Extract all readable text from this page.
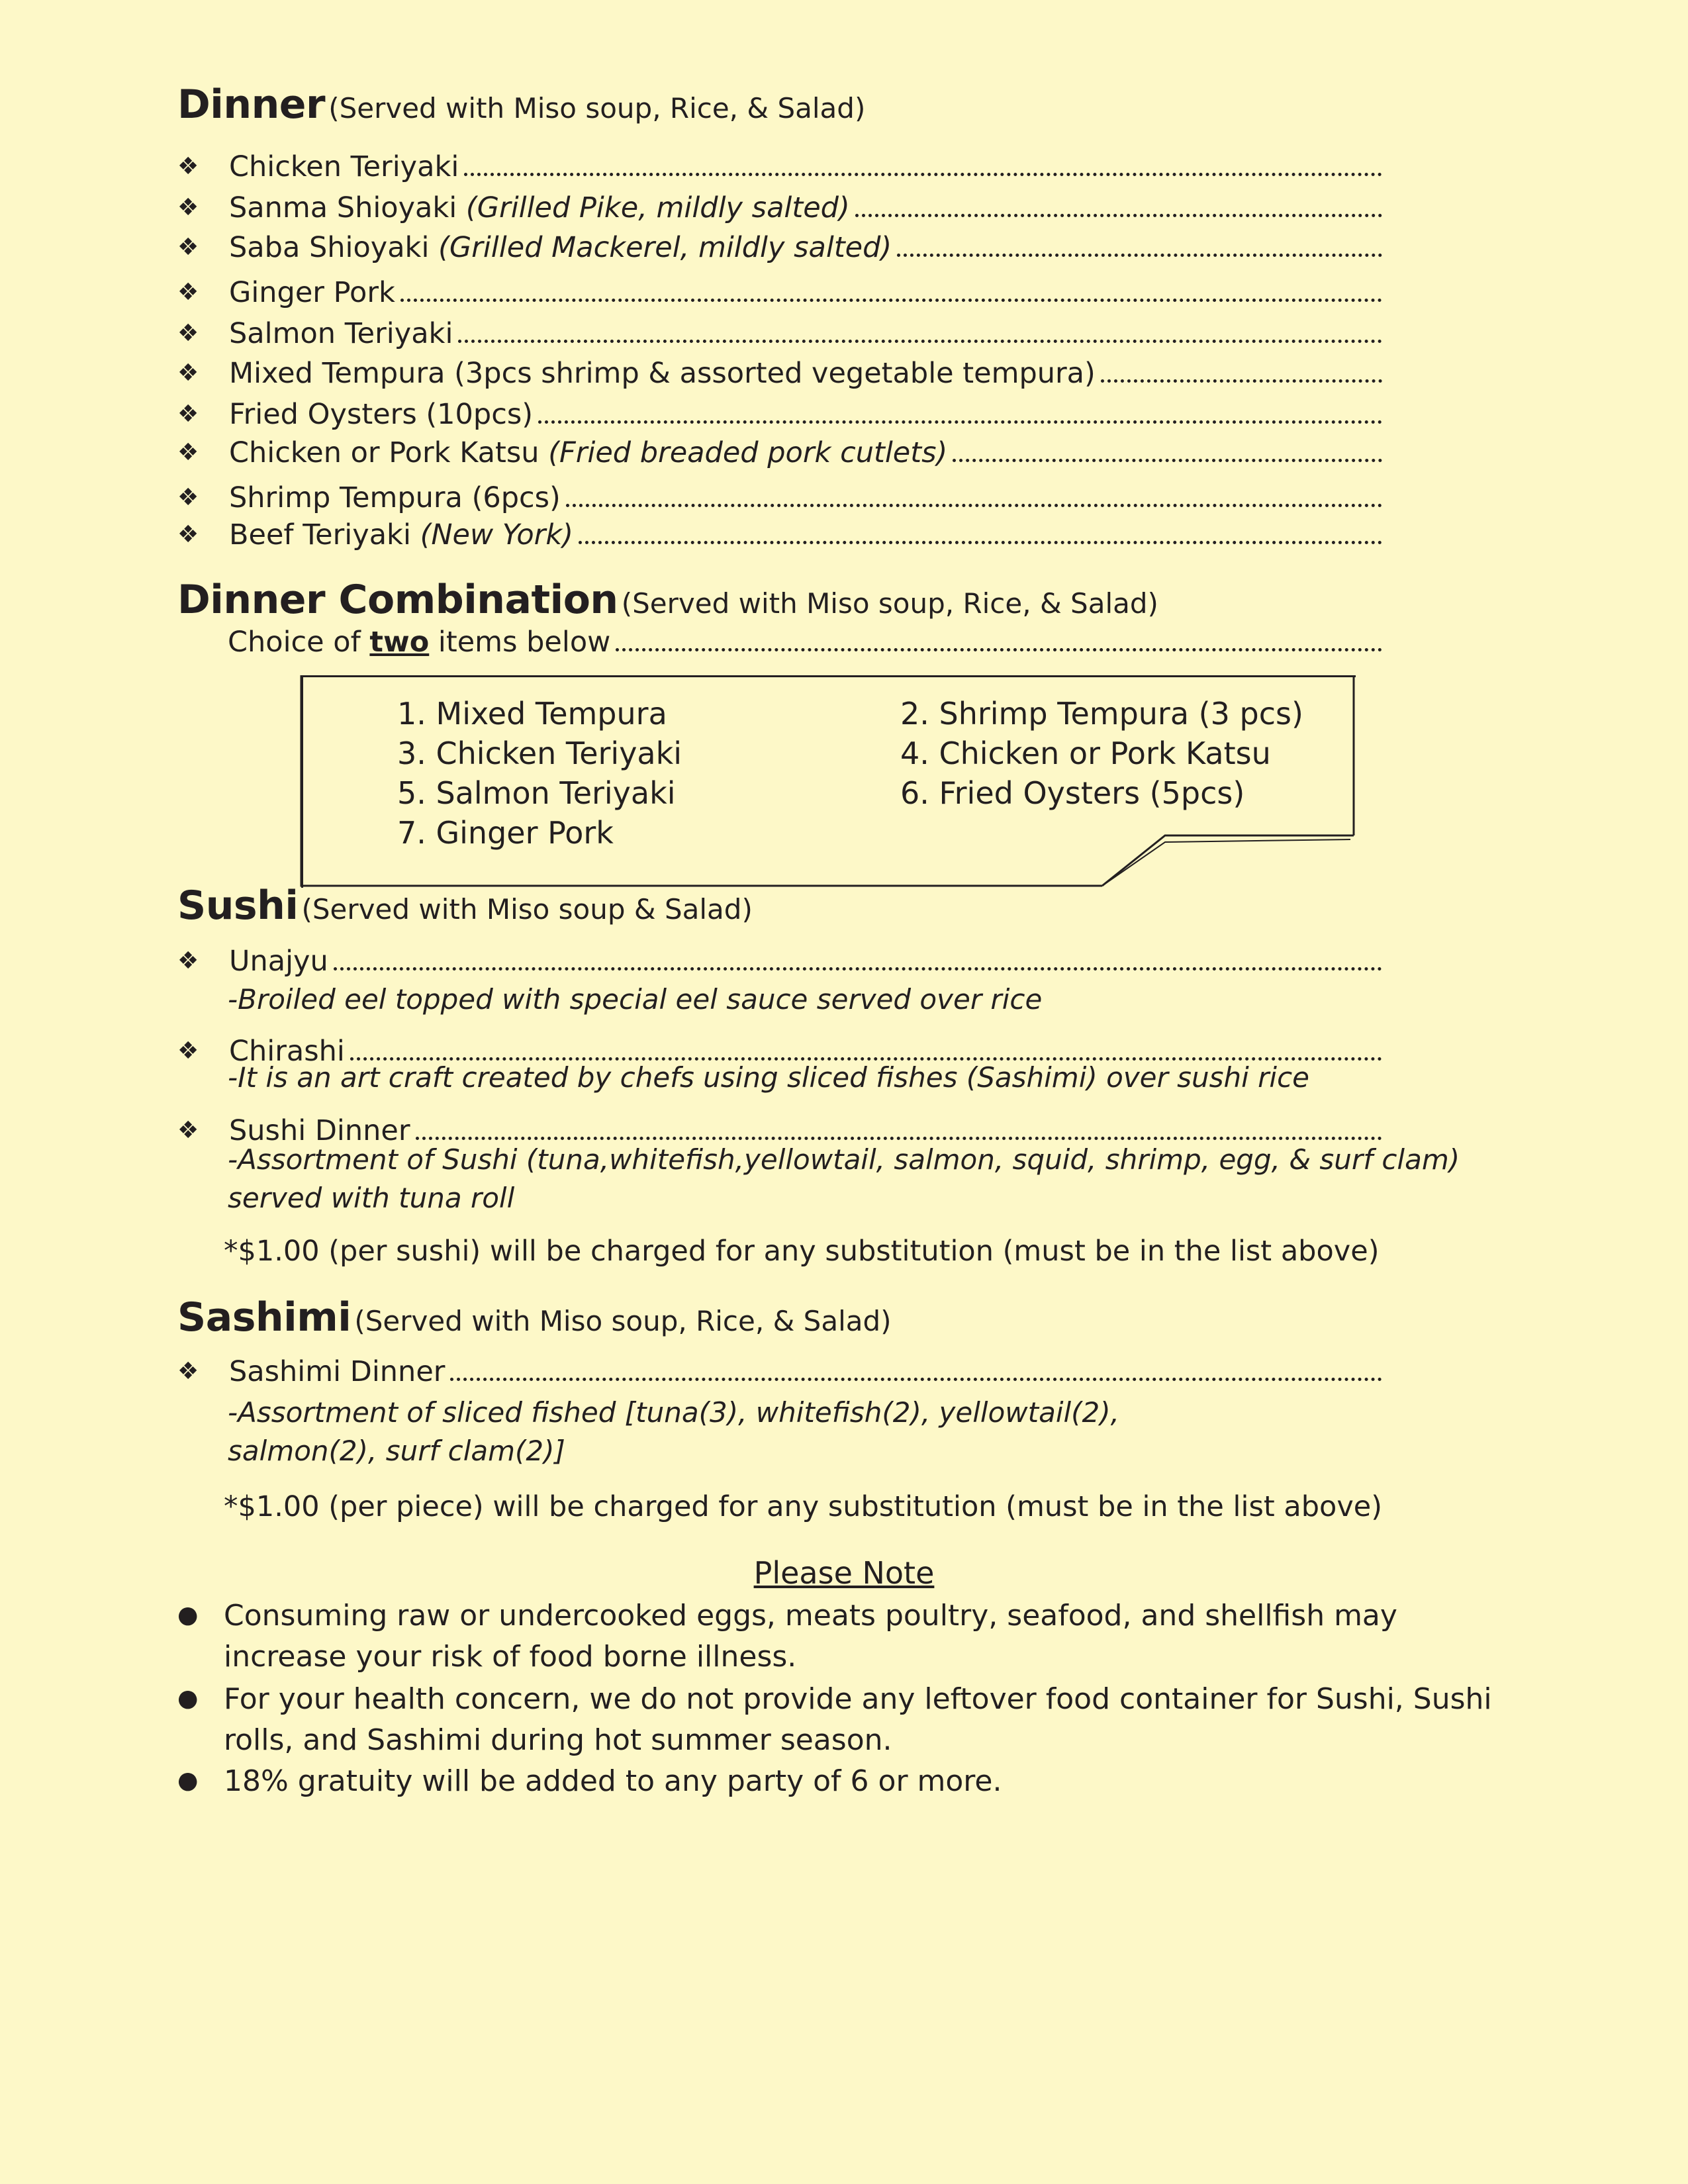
Dinner (Served with Miso soup, Rice, & Salad)
❖	Chicken Teriyaki
❖	Sanma Shioyaki (Grilled Pike, mildly salted)
❖	Saba Shioyaki (Grilled Mackerel, mildly salted)
❖	Ginger Pork
❖	Salmon Teriyaki
❖	Mixed Tempura (3pcs shrimp & assorted vegetable tempura)
❖	Fried Oysters (10pcs)
❖	Chicken or Pork Katsu (Fried breaded pork cutlets)
❖	Shrimp Tempura (6pcs)
❖	Beef Teriyaki (New York)
Dinner Combination (Served with Miso soup, Rice, & Salad)
Choice of two items below
1. Mixed Tempura	2. Shrimp Tempura (3 pcs)
3. Chicken Teriyaki	4. Chicken or Pork Katsu
5. Salmon Teriyaki	6. Fried Oysters (5pcs)
7. Ginger Pork
Sushi (Served with Miso soup & Salad)
❖	Unajyu
-Broiled eel topped with special eel sauce served over rice
❖	Chirashi
-It is an art craft created by chefs using sliced fishes (Sashimi) over sushi rice
❖	Sushi Dinner
-Assortment of Sushi (tuna,whitefish,yellowtail, salmon, squid, shrimp, egg, & surf clam)
served with tuna roll
*$1.00 (per sushi) will be charged for any substitution (must be in the list above)
Sashimi (Served with Miso soup, Rice, & Salad)
❖	Sashimi Dinner
-Assortment of sliced fished [tuna(3), whitefish(2), yellowtail(2),
salmon(2), surf clam(2)]
*$1.00 (per piece) will be charged for any substitution (must be in the list above)
Please Note
● Consuming raw or undercooked eggs, meats poultry, seafood, and shellfish may increase your risk of food borne illness.
● For your health concern, we do not provide any leftover food container for Sushi, Sushi rolls, and Sashimi during hot summer season.
● 18% gratuity will be added to any party of 6 or more.
